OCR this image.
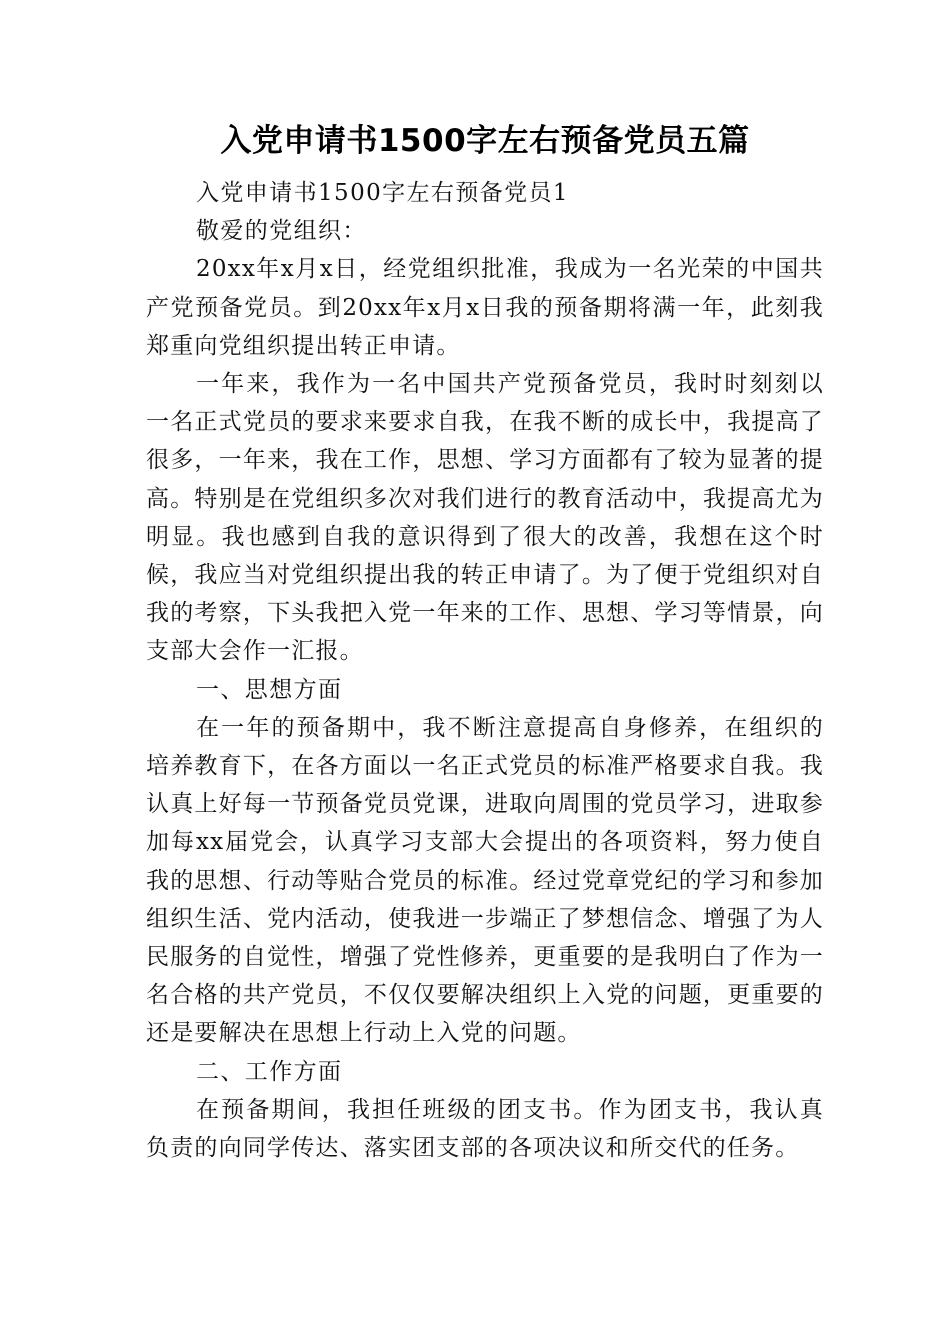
入党申请书1500字左右预备党员五篇

入党申请书1500字左右预备党员1

敬爱的党组织：

20xx年x月x日，经党组织批准，我成为一名光荣的中国共产党预备党员。到20xx年x月x日我的预备期将满一年，此刻我郑重向党组织提出转正申请。

一年来，我作为一名中国共产党预备党员，我时时刻刻以一名正式党员的要求来要求自我，在我不断的成长中，我提高了很多，一年来，我在工作，思想、学习方面都有了较为显著的提高。特别是在党组织多次对我们进行的教育活动中，我提高尤为明显。我也感到自我的意识得到了很大的改善，我想在这个时候，我应当对党组织提出我的转正申请了。为了便于党组织对自我的考察，下头我把入党一年来的工作、思想、学习等情景，向支部大会作一汇报。

一、思想方面

在一年的预备期中，我不断注意提高自身修养，在组织的培养教育下，在各方面以一名正式党员的标准严格要求自我。我认真上好每一节预备党员党课，进取向周围的党员学习，进取参加每xx届党会，认真学习支部大会提出的各项资料，努力使自我的思想、行动等贴合党员的标准。经过党章党纪的学习和参加组织生活、党内活动，使我进一步端正了梦想信念、增强了为人民服务的自觉性，增强了党性修养，更重要的是我明白了作为一名合格的共产党员，不仅仅要解决组织上入党的问题，更重要的还是要解决在思想上行动上入党的问题。

二、工作方面

在预备期间，我担任班级的团支书。作为团支书，我认真负责的向同学传达、落实团支部的各项决议和所交代的任务。
